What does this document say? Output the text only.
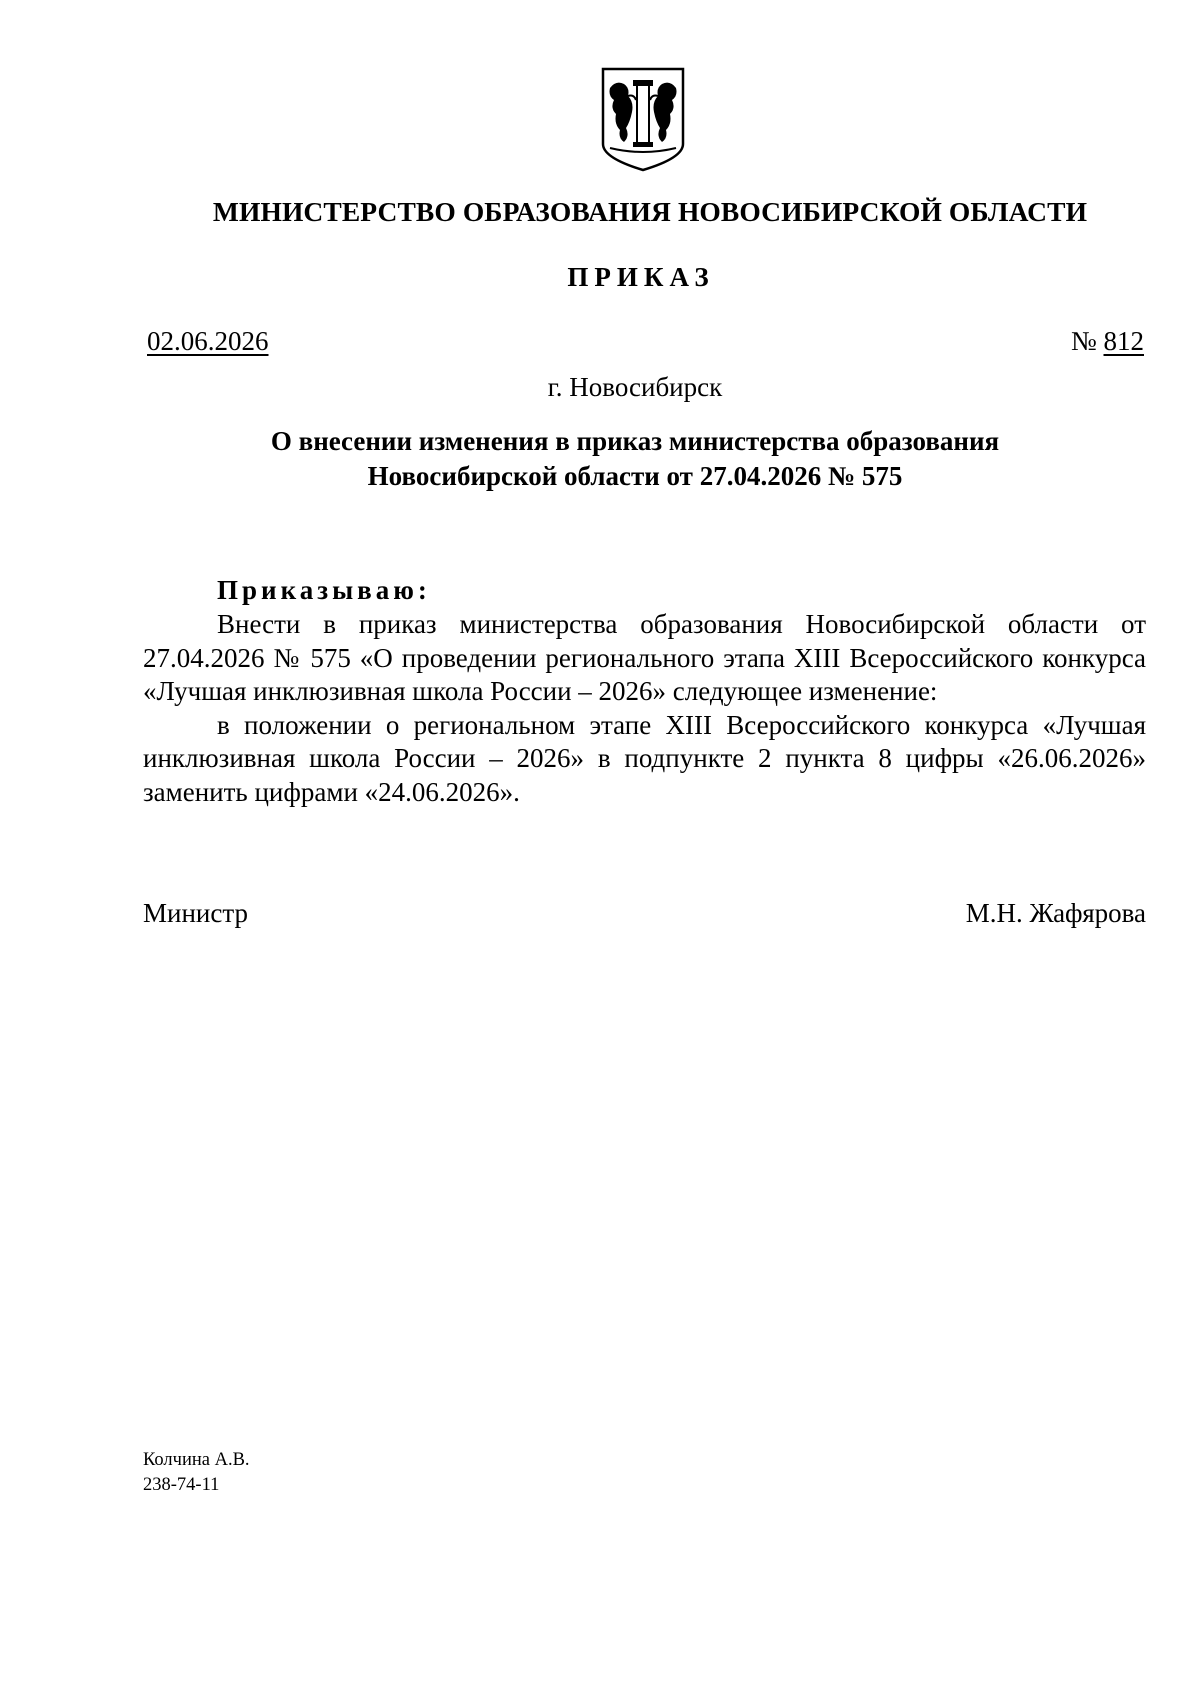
МИНИСТЕРСТВО ОБРАЗОВАНИЯ НОВОСИБИРСКОЙ ОБЛАСТИ
ПРИКАЗ
02.06.2026	№ 812
г. Новосибирск
О внесении изменения в приказ министерства образования
Новосибирской области от 27.04.2026 № 575
Приказываю:

Внести в приказ министерства образования Новосибирской области от 27.04.2026 № 575 «О проведении регионального этапа XIII Всероссийского конкурса «Лучшая инклюзивная школа России – 2026» следующее изменение:

в положении о региональном этапе XIII Всероссийского конкурса «Лучшая инклюзивная школа России – 2026» в подпункте 2 пункта 8 цифры «26.06.2026» заменить цифрами «24.06.2026».

Министр	М.Н. Жафярова
Колчина А.В.
238-74-11
